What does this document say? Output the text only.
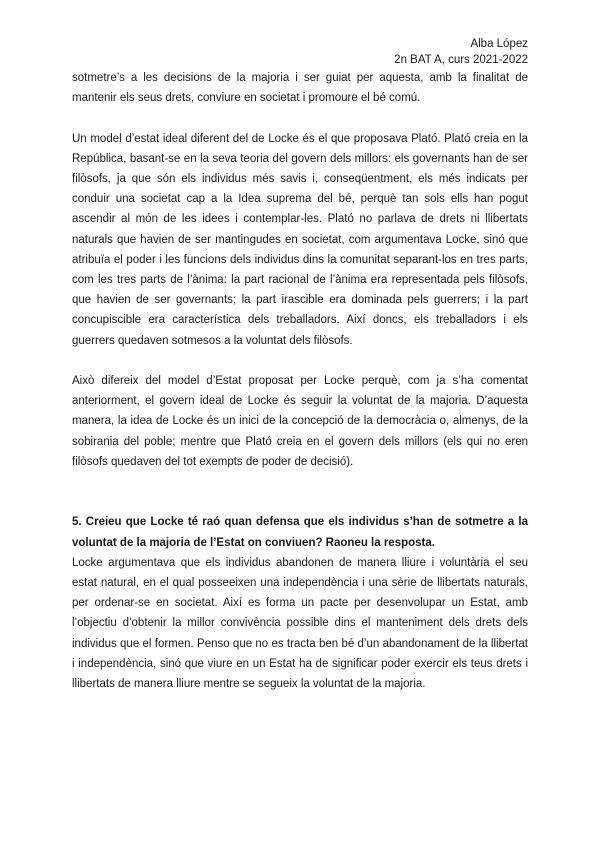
Alba López
2n BAT A, curs 2021-2022

sotmetre’s a les decisions de la majoria i ser guiat per aquesta, amb la finalitat de mantenir els seus drets, conviure en societat i promoure el bé comú.

Un model d’estat ideal diferent del de Locke és el que proposava Plató. Plató creia en la República, basant-se en la seva teoria del govern dels millors: els governants han de ser filòsofs, ja que són els individus més savis i, conseqüentment, els més indicats per conduir una societat cap a la Idea suprema del bé, perquè tan sols ells han pogut ascendir al món de les idees i contemplar-les. Plató no parlava de drets ni llibertats naturals que havien de ser mantingudes en societat, com argumentava Locke, sinó que atribuïa el poder i les funcions dels individus dins la comunitat separant-los en tres parts, com les tres parts de l’ànima: la part racional de l’ànima era representada pels filòsofs, que havien de ser governants; la part irascible era dominada pels guerrers; i la part concupiscible era característica dels treballadors. Així doncs, els treballadors i els guerrers quedaven sotmesos a la voluntat dels filòsofs.

Això difereix del model d’Estat proposat per Locke perquè, com ja s’ha comentat anteriorment, el govern ideal de Locke és seguir la voluntat de la majoria. D’aquesta manera, la idea de Locke és un inici de la concepció de la democràcia o, almenys, de la sobirania del poble; mentre que Plató creia en el govern dels millors (els qui no eren filòsofs quedaven del tot exempts de poder de decisió).

5. Creieu que Locke té raó quan defensa que els individus s’han de sotmetre a la voluntat de la majoria de l’Estat on conviuen? Raoneu la resposta.

Locke argumentava que els individus abandonen de manera lliure i voluntària el seu estat natural, en el qual posseeixen una independència i una sèrie de llibertats naturals, per ordenar-se en societat. Així es forma un pacte per desenvolupar un Estat, amb l’objectiu d’obtenir la millor convivència possible dins el manteniment dels drets dels individus que el formen. Penso que no es tracta ben bé d’un abandonament de la llibertat i independència, sinó que viure en un Estat ha de significar poder exercir els teus drets i llibertats de manera lliure mentre se segueix la voluntat de la majoria.
